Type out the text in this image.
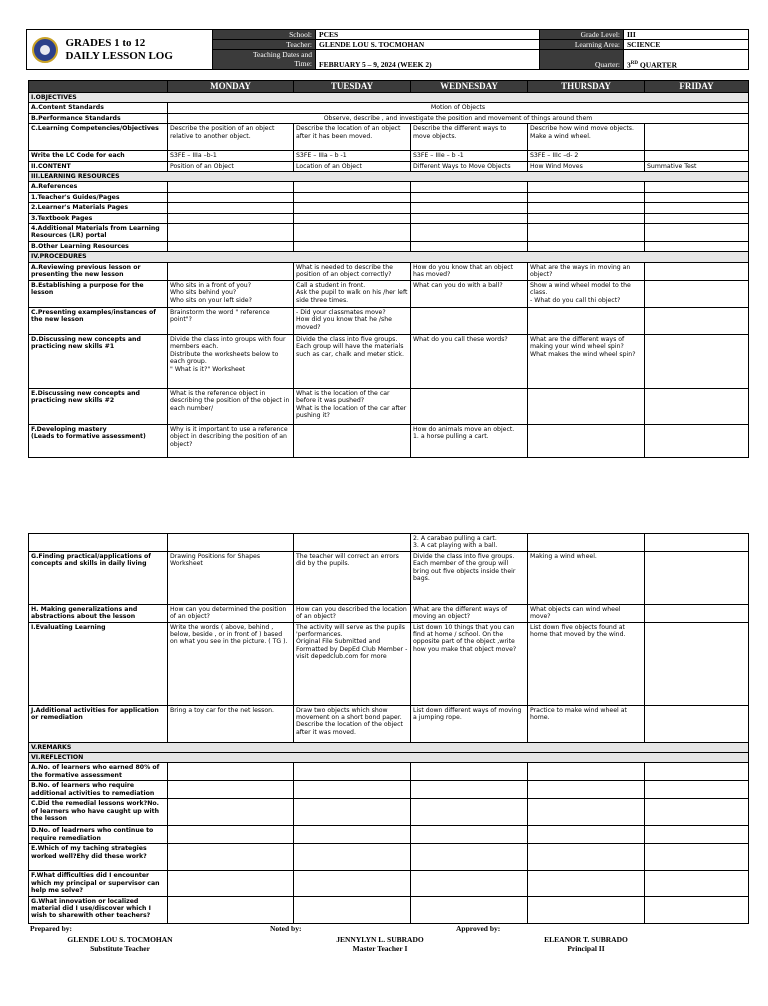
	GRADES 1 to 12
DAILY LESSON LOG	School:	PCES	Grade Level:	III
		Teacher:	GLENDE LOU S. TOCMOHAN	Learning Area:	SCIENCE

		Teaching Dates and
Time:	FEBRUARY 5 – 9, 2024 (WEEK 2)	Quarter:	3RD QUARTER
	MONDAY	TUESDAY	WEDNESDAY	THURSDAY	FRIDAY
I.OBJECTIVES					
A.Content Standards	Motion of Objects				
B.Performance Standards	Observe, describe , and investigate the position and movement of things around them				
C.Learning Competencies/Objectives	Describe the position of an object relative to another object.	Describe the location of an object after it has been moved.	Describe the different ways to move objects.	Describe how wind move objects.
Make a wind wheel.	
Write the LC Code for each	S3FE – IIIa –b-1	S3FE – IIIa – b -1	S3FE – IIIe – b -1	S3FE – IIIc –d- 2	
II.CONTENT	Position of an Object	Location of an Object	Different Ways to Move Objects	How Wind Moves	Summative Test
III.LEARNING RESOURCES					
A.References					
1.Teacher's Guides/Pages					
2.Learner's Materials Pages					
3.Textbook Pages					
4.Additional Materials from Learning Resources (LR) portal					
B.Other Learning Resources					
IV.PROCEDURES					
A.Reviewing previous lesson or presenting the new lesson		What is needed to describe the position of an object correctly?	How do you know that an object has moved?	What are the ways in moving an object?	
B.Establishing a purpose for the lesson	Who sits in a front of you?
Who sits behind you?
Who sits on your left side?	Call a student in front.
Ask the pupil to walk on his /her left side three times.	What can you do with a ball?	Show a wind wheel model to the class.
- What do you call thi object?	
C.Presenting examples/instances of the new lesson	Brainstorm the word " reference point"?	- Did your classmates move?
How did you know that he /she moved?			
D.Discussing new concepts and practicing new skills #1	Divide the class into groups with four members each.
Distribute the worksheets below to each group.
" What is it?" Worksheet	Divide the class into five groups. Each group will have the materials such as car, chalk and meter stick.	What do you call these words?	What are the different ways of making your wind wheel spin?
What makes the wind wheel spin?	
E.Discussing new concepts and practicing new skills #2	What is the reference object in describing the position of the object in each number/	What is the location of the car before it was pushed?
What is the location of the car after pushing it?			
F.Developing mastery
(Leads to formative assessment)	Why is it important to use a reference object in describing the position of an object?		How do animals move an object.
1. a horse pulling a cart.		
			2. A carabao pulling a cart.
3. A cat playing with a ball.		
G.Finding practical/applications of concepts and skills in daily living	Drawing Positions for Shapes Worksheet	The teacher will correct an errors did by the pupils.	Divide the class into five groups.
Each member of the group will bring out five objects inside their bags.	Making a wind wheel.	
H. Making generalizations and abstractions about the lesson	How can you determined the position of an object?	How can you described the location of an object?	What are the different ways of moving an object?	What objects can wind wheel move?	
I.Evaluating Learning	Write the words ( above, behind , below, beside , or in front of ) based on what you see in the picture. ( TG ).	The activity will serve as the pupils 'performances.
Original File Submitted and Formatted by DepEd Club Member - visit depedclub.com for more	List down 10 things that you can find at home / school. On the opposite part of the object ,write how you make that object move?	List down five objects found at home that moved by the wind.	
J.Additional activities for application or remediation	Bring a toy car for the net lesson.	Draw two objects which show movement on a short bond paper. Describe the location of the object after it was moved.	List down different ways of moving a jumping rope.	Practice to make wind wheel at home.	
V.REMARKS					
VI.REFLECTION					
A.No. of learners who earned 80% of the formative assessment					
B.No. of learners who require additional activities to remediation					
C.Did the remedial lessons work?No. of learners who have caught up with the lesson					
D.No. of leadrners who continue to require remediation					
E.Which of my taching strategies worked well?Ehy did these work?					
F.What difficulties did I encounter which my principal or supervisor can help me solve?					
G.What innovation or localized material did I use/discover which I wish to sharewith other teachers?					
Prepared by:
GLENDE LOU S. TOCMOHAN
Substitute Teacher
Noted by:
JENNYLYN L. SUBRADO
Master Teacher I
Approved by:
ELEANOR T. SUBRADO
Principal II
